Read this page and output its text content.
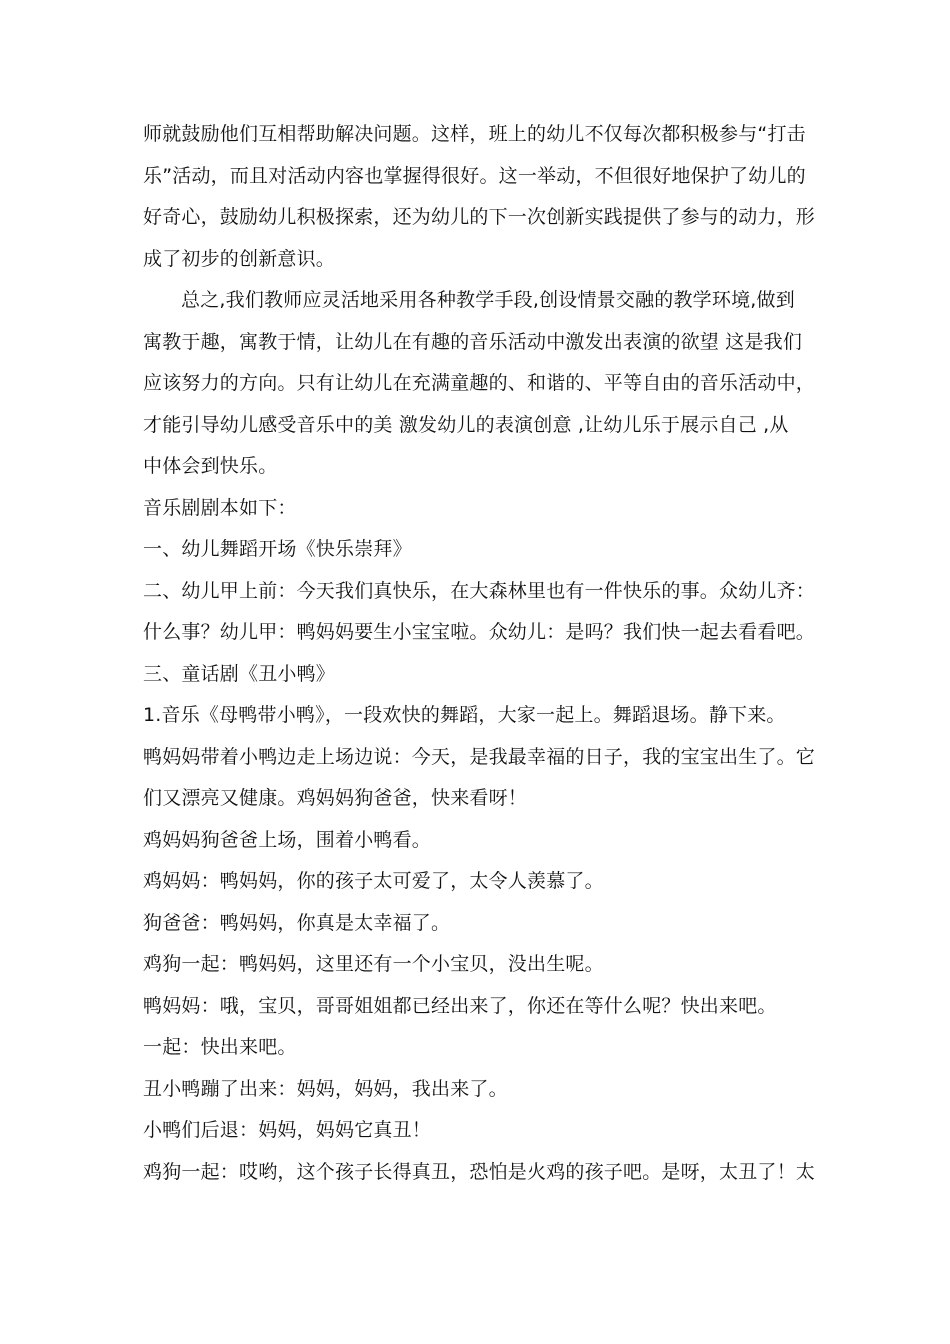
师就鼓励他们互相帮助解决问题。这样，班上的幼儿不仅每次都积极参与“打击
乐”活动，而且对活动内容也掌握得很好。这一举动，不但很好地保护了幼儿的
好奇心，鼓励幼儿积极探索，还为幼儿的下一次创新实践提供了参与的动力，形
成了初步的创新意识。
总之,我们教师应灵活地采用各种教学手段,创设情景交融的教学环境,做到
寓教于趣，寓教于情，让幼儿在有趣的音乐活动中激发出表演的欲望 这是我们
应该努力的方向。只有让幼儿在充满童趣的、和谐的、平等自由的音乐活动中，
才能引导幼儿感受音乐中的美 激发幼儿的表演创意 ,让幼儿乐于展示自己 ,从
中体会到快乐。
音乐剧剧本如下：
一、幼儿舞蹈开场《快乐崇拜》
二、幼儿甲上前：今天我们真快乐，在大森林里也有一件快乐的事。众幼儿齐：
什么事？幼儿甲：鸭妈妈要生小宝宝啦。众幼儿：是吗？我们快一起去看看吧。
三、童话剧《丑小鸭》
1.音乐《母鸭带小鸭》，一段欢快的舞蹈，大家一起上。舞蹈退场。静下来。
鸭妈妈带着小鸭边走上场边说：今天，是我最幸福的日子，我的宝宝出生了。它
们又漂亮又健康。鸡妈妈狗爸爸，快来看呀！
鸡妈妈狗爸爸上场，围着小鸭看。
鸡妈妈：鸭妈妈，你的孩子太可爱了，太令人羡慕了。
狗爸爸：鸭妈妈，你真是太幸福了。
鸡狗一起：鸭妈妈，这里还有一个小宝贝，没出生呢。
鸭妈妈：哦，宝贝，哥哥姐姐都已经出来了，你还在等什么呢？快出来吧。
一起：快出来吧。
丑小鸭蹦了出来：妈妈，妈妈，我出来了。
小鸭们后退：妈妈，妈妈它真丑！
鸡狗一起：哎哟，这个孩子长得真丑，恐怕是火鸡的孩子吧。是呀，太丑了！太
